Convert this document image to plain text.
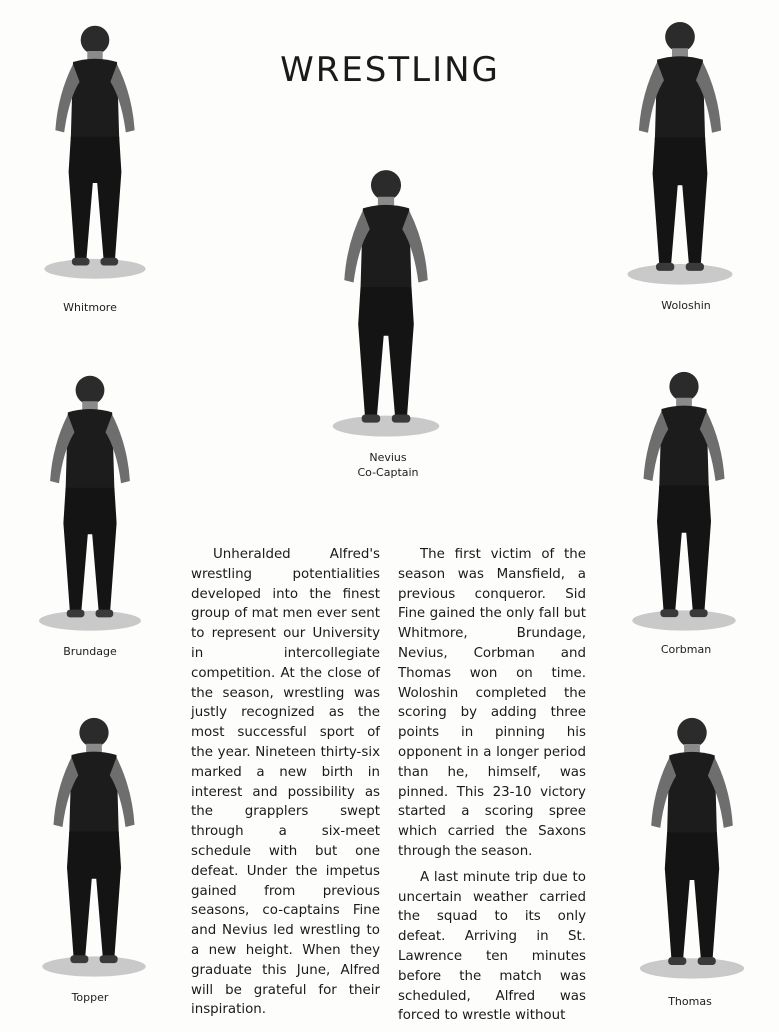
WRESTLING
Whitmore	Woloshin
Nevius
Co-Captain
Brundage	Corbman
Topper	Thomas

Unheralded Alfred's wrestling potentialities developed into the finest group of mat men ever sent to represent our University in intercollegiate competition. At the close of the season, wrestling was justly recognized as the most successful sport of the year. Nineteen thirty-six marked a new birth in interest and possibility as the grapplers swept through a six-meet schedule with but one defeat. Under the impetus gained from previous seasons, co-captains Fine and Nevius led wrestling to a new height. When they graduate this June, Alfred will be grateful for their inspiration.

The first victim of the season was Mansfield, a previous conqueror. Sid Fine gained the only fall but Whitmore, Brundage, Nevius, Corbman and Thomas won on time. Woloshin completed the scoring by adding three points in pinning his opponent in a longer period than he, himself, was pinned. This 23-10 victory started a scoring spree which carried the Saxons through the season.

A last minute trip due to uncertain weather carried the squad to its only defeat. Arriving in St. Lawrence ten minutes before the match was scheduled, Alfred was forced to wrestle without
